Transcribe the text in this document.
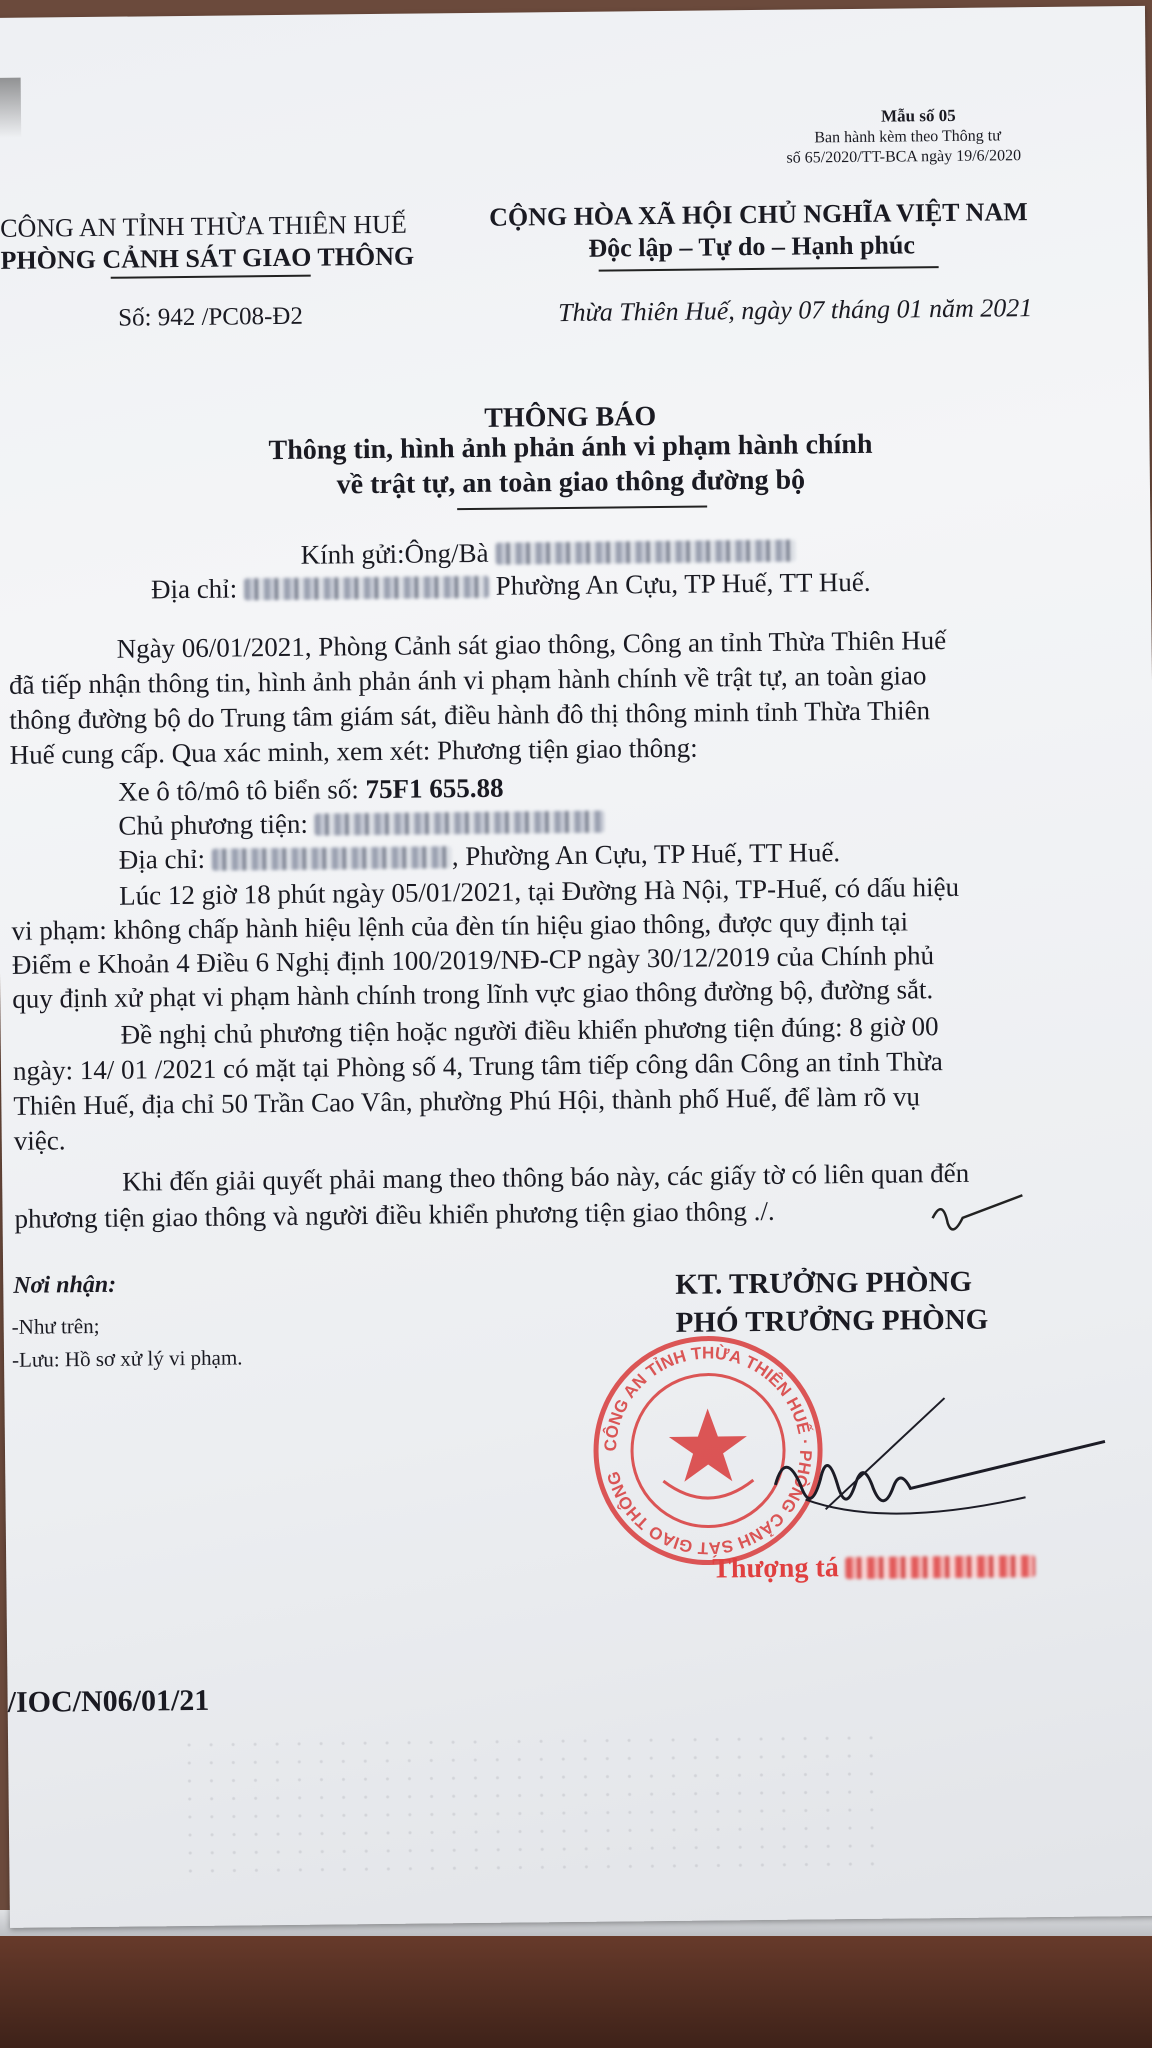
Mẫu số 05
Ban hành kèm theo Thông tư
số 65/2020/TT-BCA ngày 19/6/2020
CÔNG AN TỈNH THỪA THIÊN HUẾ
PHÒNG CẢNH SÁT GIAO THÔNG
CỘNG HÒA XÃ HỘI CHỦ NGHĨA VIỆT NAM
Độc lập – Tự do – Hạnh phúc
Số: 942 /PC08-Đ2	Thừa Thiên Huế, ngày 07 tháng 01 năm 2021
THÔNG BÁO
Thông tin, hình ảnh phản ánh vi phạm hành chính
về trật tự, an toàn giao thông đường bộ
Kính gửi:Ông/Bà
Địa chỉ:	Phường An Cựu, TP Huế, TT Huế.
Ngày 06/01/2021, Phòng Cảnh sát giao thông, Công an tỉnh Thừa Thiên Huế
đã tiếp nhận thông tin, hình ảnh phản ánh vi phạm hành chính về trật tự, an toàn giao
thông đường bộ do Trung tâm giám sát, điều hành đô thị thông minh tỉnh Thừa Thiên
Huế cung cấp. Qua xác minh, xem xét: Phương tiện giao thông:
Xe ô tô/mô tô biển số: 75F1 655.88
Chủ phương tiện:
Địa chỉ:	, Phường An Cựu, TP Huế, TT Huế.
Lúc 12 giờ 18 phút ngày 05/01/2021, tại Đường Hà Nội, TP-Huế, có dấu hiệu
vi phạm: không chấp hành hiệu lệnh của đèn tín hiệu giao thông, được quy định tại
Điểm e Khoản 4 Điều 6 Nghị định 100/2019/NĐ-CP ngày 30/12/2019 của Chính phủ
quy định xử phạt vi phạm hành chính trong lĩnh vực giao thông đường bộ, đường sắt.
Đề nghị chủ phương tiện hoặc người điều khiển phương tiện đúng: 8 giờ 00
ngày: 14/ 01 /2021 có mặt tại Phòng số 4, Trung tâm tiếp công dân Công an tỉnh Thừa
Thiên Huế, địa chỉ 50 Trần Cao Vân, phường Phú Hội, thành phố Huế, để làm rõ vụ
việc.
Khi đến giải quyết phải mang theo thông báo này, các giấy tờ có liên quan đến
phương tiện giao thông và người điều khiển phương tiện giao thông ./.
Nơi nhận:
-Như trên;
-Lưu: Hồ sơ xử lý vi phạm.
KT. TRƯỞNG PHÒNG
PHÓ TRƯỞNG PHÒNG
CÔNG AN TỈNH THỪA THIÊN HUẾ · PHÒNG CẢNH SÁT GIAO THÔNG
Thượng tá
/IOC/N06/01/21
